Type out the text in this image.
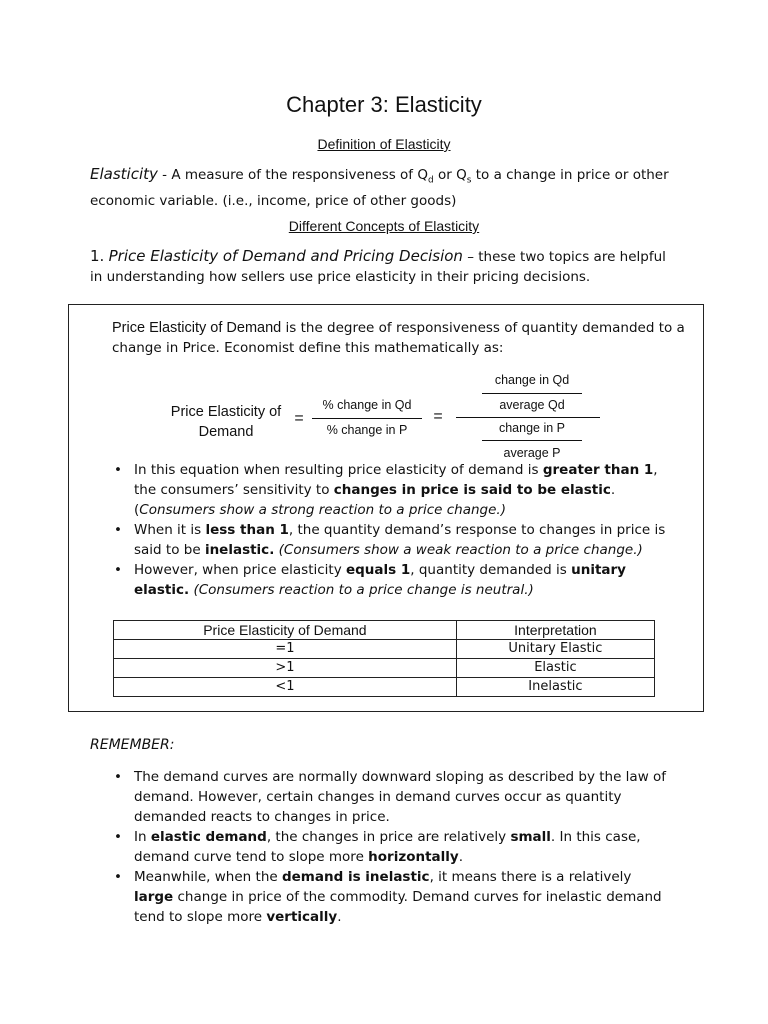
Chapter 3: Elasticity
Definition of Elasticity
Elasticity - A measure of the responsiveness of $Q_d$ or $Q_s$ to a change in price or other economic variable. (i.e., income, price of other goods)
Different Concepts of Elasticity
1. Price Elasticity of Demand and Pricing Decision – these two topics are helpful in understanding how sellers use price elasticity in their pricing decisions.
Price Elasticity of Demand is the degree of responsiveness of quantity demanded to a change in Price. Economist define this mathematically as:
Price Elasticity of
Demand
=
% change in Qd
% change in P
=
change in Qd
average Qd
change in P
average P
• In this equation when resulting price elasticity of demand is greater than 1, the consumers’ sensitivity to changes in price is said to be elastic. (Consumers show a strong reaction to a price change.)
• When it is less than 1, the quantity demand’s response to changes in price is said to be inelastic. (Consumers show a weak reaction to a price change.)
• However, when price elasticity equals 1, quantity demanded is unitary elastic. (Consumers reaction to a price change is neutral.)
Price Elasticity of Demand	Interpretation
=1	Unitary Elastic
>1	Elastic
<1	Inelastic
REMEMBER:
• The demand curves are normally downward sloping as described by the law of demand. However, certain changes in demand curves occur as quantity demanded reacts to changes in price.
• In elastic demand, the changes in price are relatively small. In this case, demand curve tend to slope more horizontally.
• Meanwhile, when the demand is inelastic, it means there is a relatively large change in price of the commodity. Demand curves for inelastic demand tend to slope more vertically.
